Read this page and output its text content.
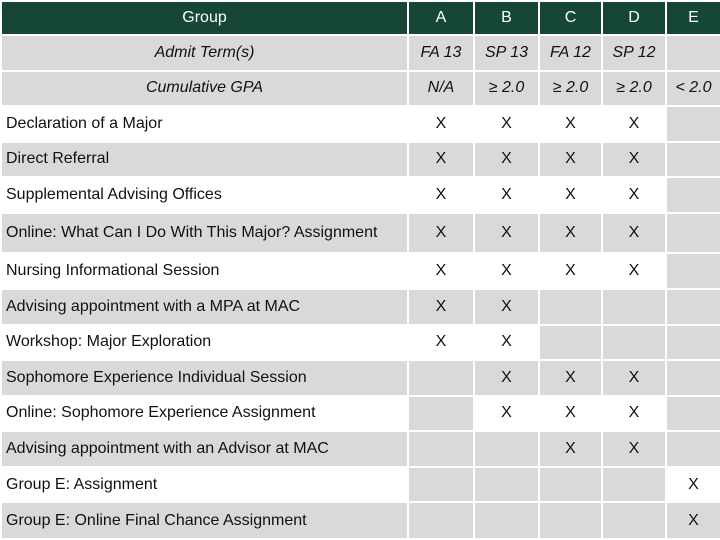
Group	A	B	C	D	E
Admit Term(s)	FA 13	SP 13	FA 12	SP 12	
Cumulative GPA	N/A	≥ 2.0	≥ 2.0	≥ 2.0	< 2.0
Declaration of a Major	X	X	X	X	
Direct Referral	X	X	X	X	
Supplemental Advising Offices	X	X	X	X	
Online: What Can I Do With This Major? Assignment	X	X	X	X	
Nursing Informational Session	X	X	X	X	
Advising appointment with a MPA at MAC	X	X			
Workshop: Major Exploration	X	X			
Sophomore Experience Individual Session		X	X	X	
Online: Sophomore Experience Assignment		X	X	X	
Advising appointment with an Advisor at MAC			X	X	
Group E: Assignment					X
Group E: Online Final Chance Assignment					X
